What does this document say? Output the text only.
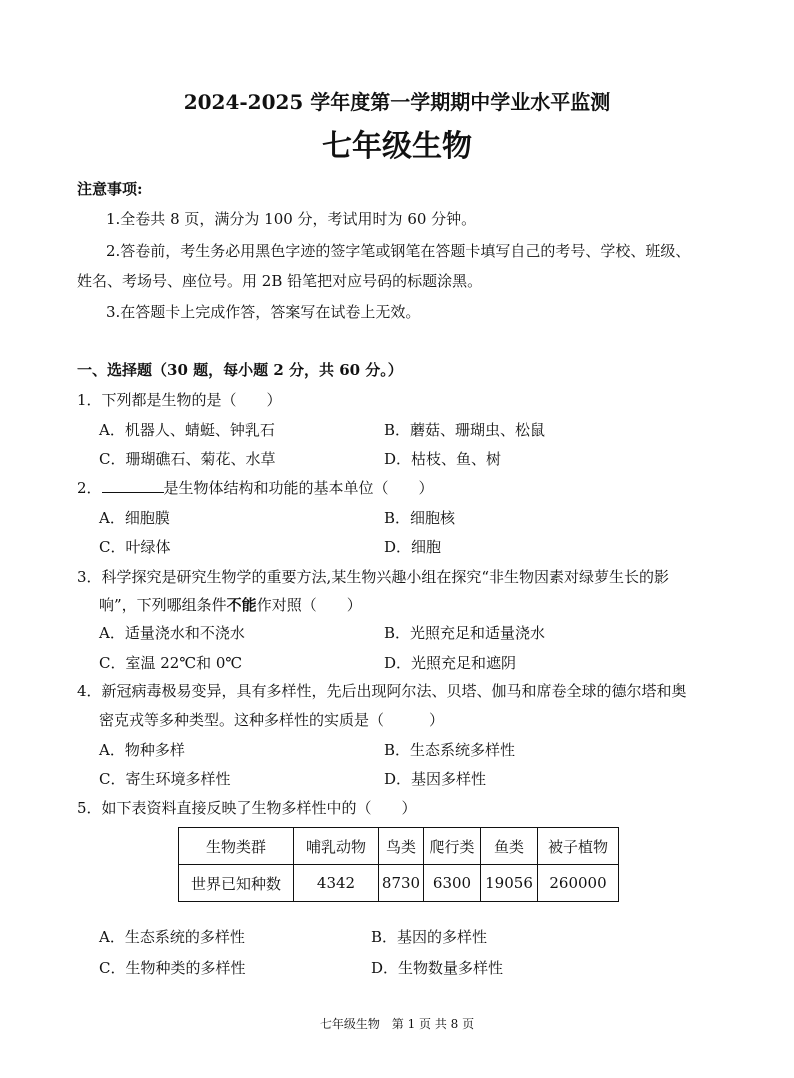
2024-2025 学年度第一学期期中学业水平监测
七年级生物
注意事项:
1.全卷共 8 页，满分为 100 分，考试用时为 60 分钟。
2.答卷前，考生务必用黑色字迹的签字笔或钢笔在答题卡填写自己的考号、学校、班级、
姓名、考场号、座位号。用 2B 铅笔把对应号码的标题涂黑。
3.在答题卡上完成作答，答案写在试卷上无效。
一、选择题（30 题，每小题 2 分，共 60 分。）
1．下列都是生物的是（　　）
A．机器人、蜻蜓、钟乳石	B．蘑菇、珊瑚虫、松鼠
C．珊瑚礁石、菊花、水草	D．枯枝、鱼、树
2．	是生物体结构和功能的基本单位（　　）
A．细胞膜	B．细胞核
C．叶绿体	D．细胞
3．科学探究是研究生物学的重要方法,某生物兴趣小组在探究“非生物因素对绿萝生长的影
响”，下列哪组条件不能作对照（　　）
A．适量浇水和不浇水	B．光照充足和适量浇水
C．室温 22℃和 0℃	D．光照充足和遮阴
4．新冠病毒极易变异，具有多样性，先后出现阿尔法、贝塔、伽马和席卷全球的德尔塔和奥
密克戎等多种类型。这种多样性的实质是（　　　）
A．物种多样	B．生态系统多样性
C．寄生环境多样性	D．基因多样性
5．如下表资料直接反映了生物多样性中的（　　）
生物类群	哺乳动物	鸟类	爬行类	鱼类	被子植物
世界已知种数	4342	8730	6300	19056	260000
A．生态系统的多样性	B．基因的多样性
C．生物种类的多样性	D．生物数量多样性
七年级生物 第 1 页 共 8 页
